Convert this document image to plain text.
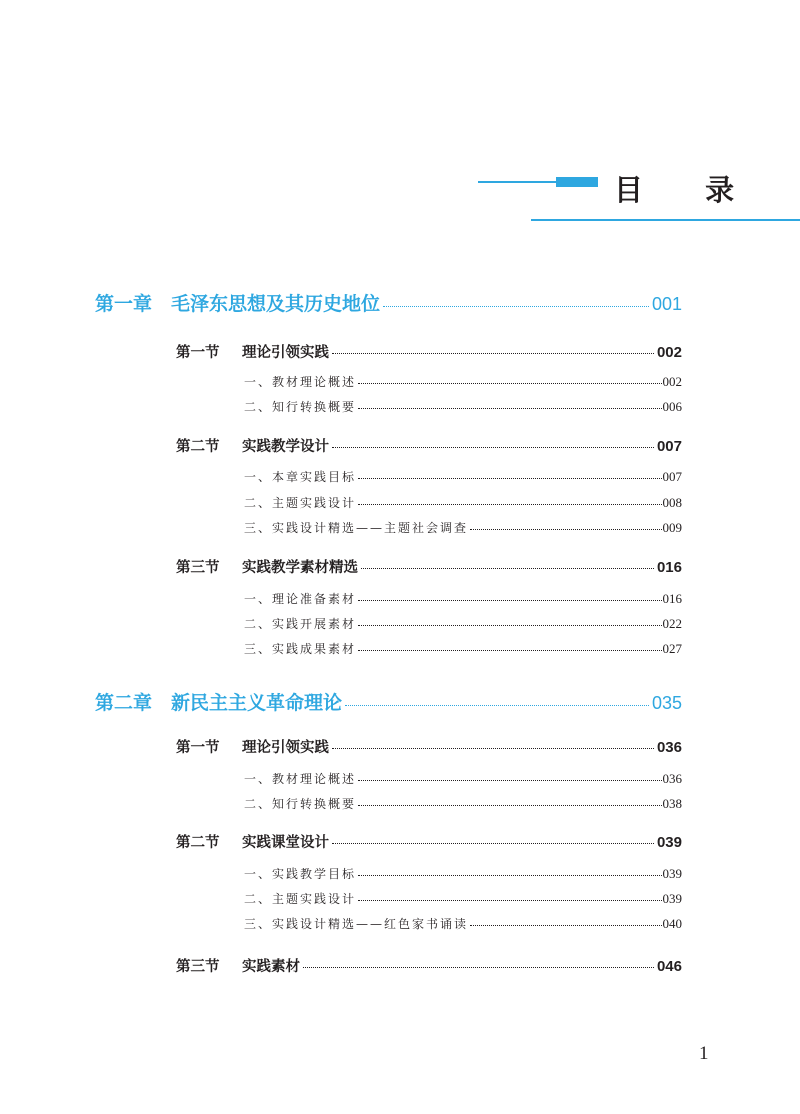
目 录
第一章 毛泽东思想及其历史地位	001
第一节	理论引领实践	002
一、教材理论概述	002
二、知行转换概要	006
第二节	实践教学设计	007
一、本章实践目标	007
二、主题实践设计	008
三、实践设计精选——主题社会调查	009
第三节	实践教学素材精选	016
一、理论准备素材	016
二、实践开展素材	022
三、实践成果素材	027
第二章 新民主主义革命理论	035
第一节	理论引领实践	036
一、教材理论概述	036
二、知行转换概要	038
第二节	实践课堂设计	039
一、实践教学目标	039
二、主题实践设计	039
三、实践设计精选——红色家书诵读	040
第三节	实践素材	046
1
